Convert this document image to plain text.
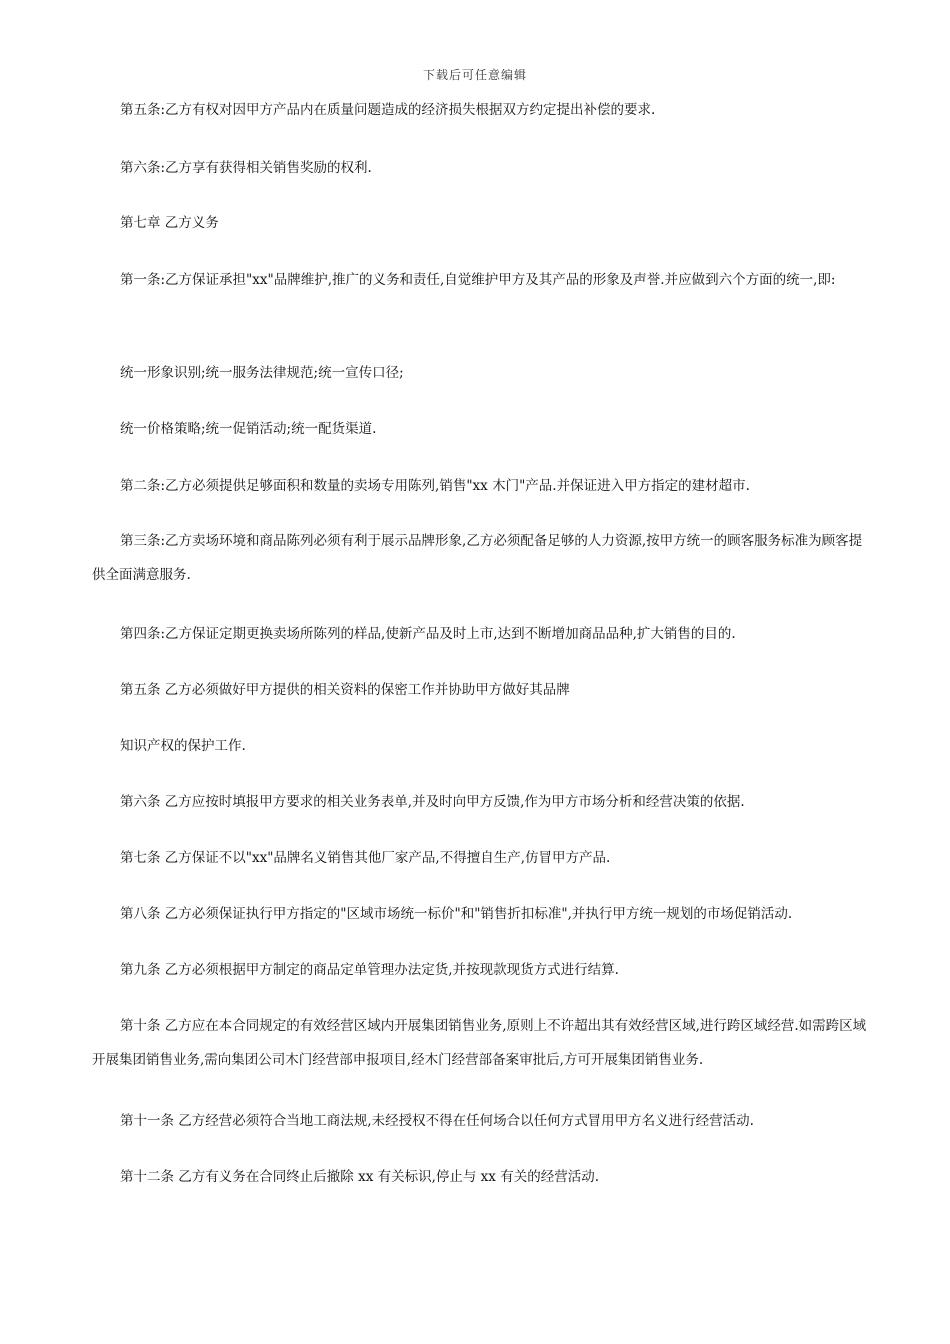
下载后可任意编辑

第五条:乙方有权对因甲方产品内在质量问题造成的经济损失根据双方约定提出补偿的要求.

第六条:乙方享有获得相关销售奖励的权利.

第七章 乙方义务

第一条:乙方保证承担"xx"品牌维护,推广的义务和责任,自觉维护甲方及其产品的形象及声誉.并应做到六个方面的统一,即:

统一形象识别;统一服务法律规范;统一宣传口径;

统一价格策略;统一促销活动;统一配货渠道.

第二条:乙方必须提供足够面积和数量的卖场专用陈列,销售"xx 木门"产品.并保证进入甲方指定的建材超市.

第三条:乙方卖场环境和商品陈列必须有利于展示品牌形象,乙方必须配备足够的人力资源,按甲方统一的顾客服务标准为顾客提供全面满意服务.

第四条:乙方保证定期更换卖场所陈列的样品,使新产品及时上市,达到不断增加商品品种,扩大销售的目的.

第五条 乙方必须做好甲方提供的相关资料的保密工作并协助甲方做好其品牌

知识产权的保护工作.

第六条 乙方应按时填报甲方要求的相关业务表单,并及时向甲方反馈,作为甲方市场分析和经营决策的依据.

第七条 乙方保证不以"xx"品牌名义销售其他厂家产品,不得擅自生产,仿冒甲方产品.

第八条 乙方必须保证执行甲方指定的"区域市场统一标价"和"销售折扣标准",并执行甲方统一规划的市场促销活动.

第九条 乙方必须根据甲方制定的商品定单管理办法定货,并按现款现货方式进行结算.

第十条 乙方应在本合同规定的有效经营区域内开展集团销售业务,原则上不许超出其有效经营区域,进行跨区域经营.如需跨区域开展集团销售业务,需向集团公司木门经营部申报项目,经木门经营部备案审批后,方可开展集团销售业务.

第十一条 乙方经营必须符合当地工商法规,未经授权不得在任何场合以任何方式冒用甲方名义进行经营活动.

第十二条 乙方有义务在合同终止后撤除 xx 有关标识,停止与 xx 有关的经营活动.
